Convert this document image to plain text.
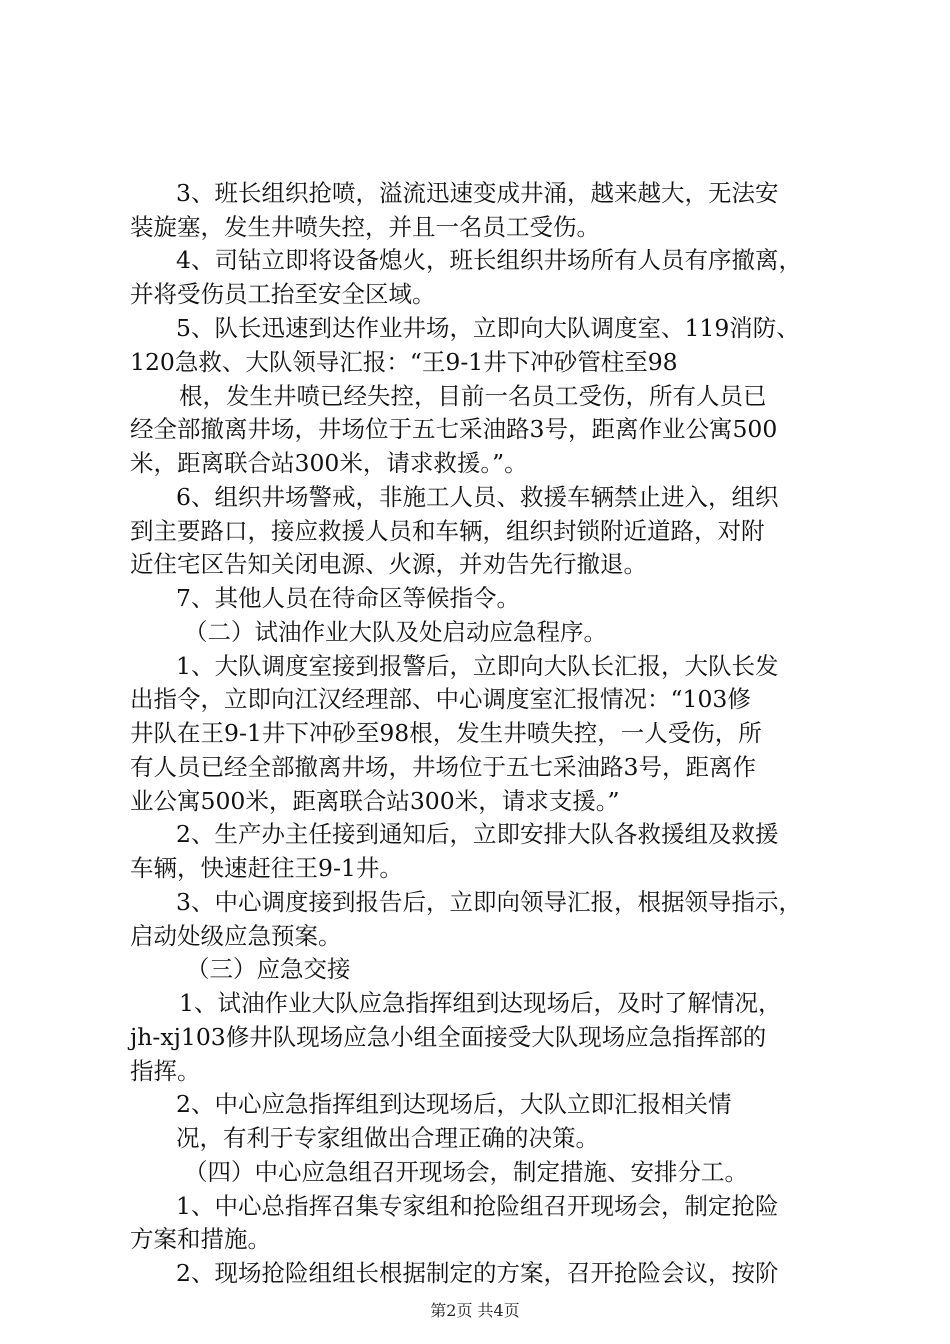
3、班长组织抢喷，溢流迅速变成井涌，越来越大，无法安
装旋塞，发生井喷失控，并且一名员工受伤。
4、司钻立即将设备熄火，班长组织井场所有人员有序撤离，
并将受伤员工抬至安全区域。
5、队长迅速到达作业井场，立即向大队调度室、119消防、
120急救、大队领导汇报：“王9-1井下冲砂管柱至98
根，发生井喷已经失控，目前一名员工受伤，所有人员已
经全部撤离井场，井场位于五七采油路3号，距离作业公寓500
米，距离联合站300米，请求救援。”。
6、组织井场警戒，非施工人员、救援车辆禁止进入，组织
到主要路口，接应救援人员和车辆，组织封锁附近道路，对附
近住宅区告知关闭电源、火源，并劝告先行撤退。
7、其他人员在待命区等候指令。
（二）试油作业大队及处启动应急程序。
1、大队调度室接到报警后，立即向大队长汇报，大队长发
出指令，立即向江汉经理部、中心调度室汇报情况：“103修
井队在王9-1井下冲砂至98根，发生井喷失控，一人受伤，所
有人员已经全部撤离井场，井场位于五七采油路3号，距离作
业公寓500米，距离联合站300米，请求支援。”
2、生产办主任接到通知后，立即安排大队各救援组及救援
车辆，快速赶往王9-1井。
3、中心调度接到报告后，立即向领导汇报，根据领导指示，
启动处级应急预案。
（三）应急交接
1、试油作业大队应急指挥组到达现场后，及时了解情况，
jh-xj103修井队现场应急小组全面接受大队现场应急指挥部的
指挥。
2、中心应急指挥组到达现场后，大队立即汇报相关情
况，有利于专家组做出合理正确的决策。
（四）中心应急组召开现场会，制定措施、安排分工。
1、中心总指挥召集专家组和抢险组召开现场会，制定抢险
方案和措施。
2、现场抢险组组长根据制定的方案，召开抢险会议，按阶
第2页 共4页
